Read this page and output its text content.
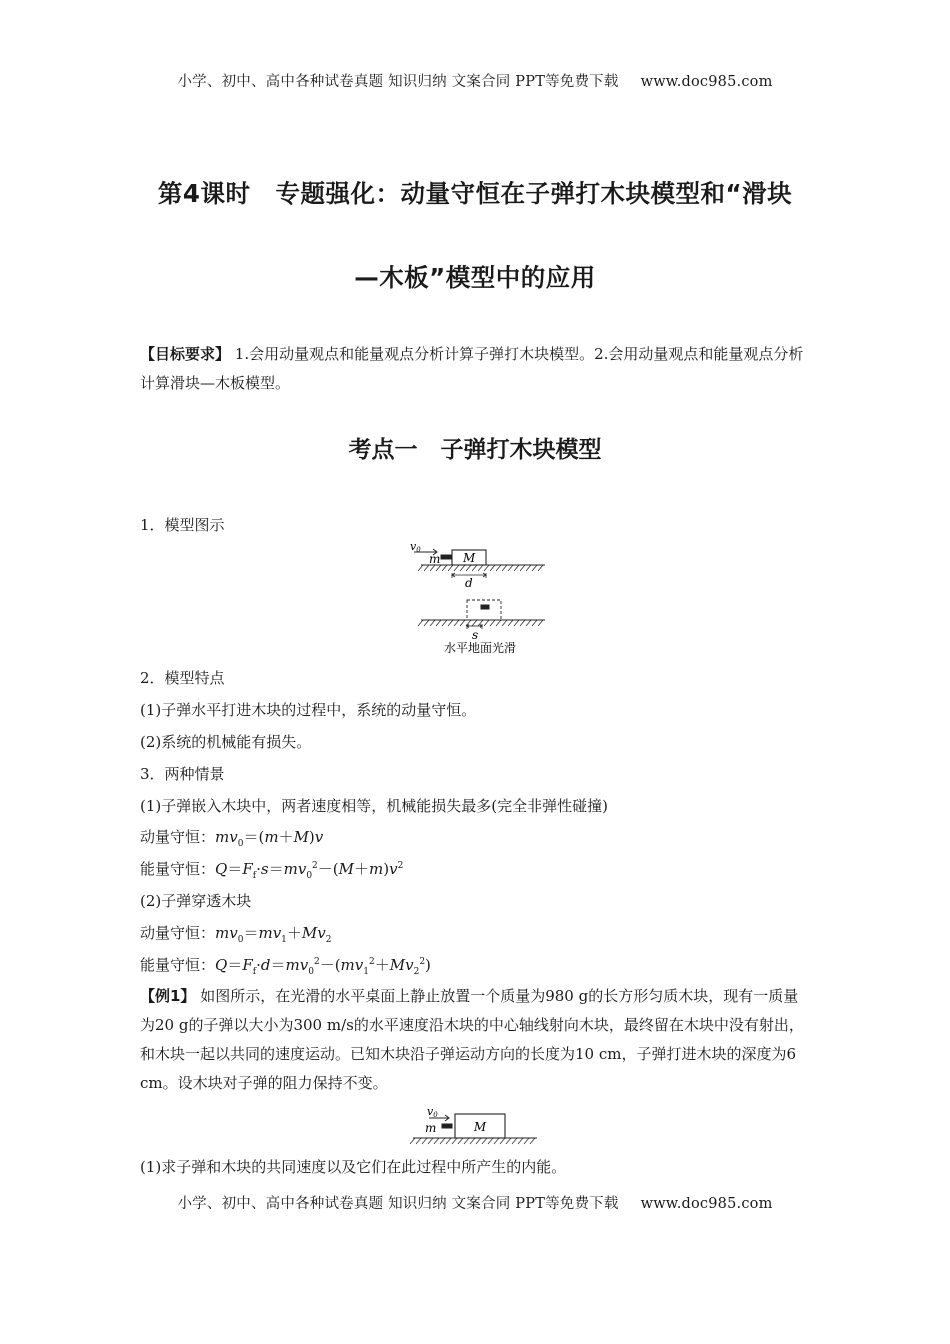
小学、初中、高中各种试卷真题 知识归纳 文案合同 PPT等免费下载 www.doc985.com
第4课时　专题强化：动量守恒在子弹打木块模型和“滑块
—木板”模型中的应用
【目标要求】 1.会用动量观点和能量观点分析计算子弹打木块模型。2.会用动量观点和能量观点分析计算滑块—木板模型。
考点一　子弹打木块模型
1．模型图示
v0
m M
d
s
水平地面光滑
2．模型特点
(1)子弹水平打进木块的过程中，系统的动量守恒。
(2)系统的机械能有损失。
3．两种情景
(1)子弹嵌入木块中，两者速度相等，机械能损失最多(完全非弹性碰撞)
动量守恒：$mv_0=(m+M)v$
能量守恒：$Q=F_f\cdot s=mv_0^2-(M+m)v^2$
(2)子弹穿透木块
动量守恒：$mv_0=mv_1+Mv_2$
能量守恒：$Q=F_f\cdot d=mv_0^2-(mv_1^2+Mv_2^2)$
【例1】 如图所示，在光滑的水平桌面上静止放置一个质量为980 g的长方形匀质木块，现有一质量为20 g的子弹以大小为300 m/s的水平速度沿木块的中心轴线射向木块，最终留在木块中没有射出，和木块一起以共同的速度运动。已知木块沿子弹运动方向的长度为10 cm，子弹打进木块的深度为6 cm。设木块对子弹的阻力保持不变。
v0
m	M
(1)求子弹和木块的共同速度以及它们在此过程中所产生的内能。
小学、初中、高中各种试卷真题 知识归纳 文案合同 PPT等免费下载 www.doc985.com
